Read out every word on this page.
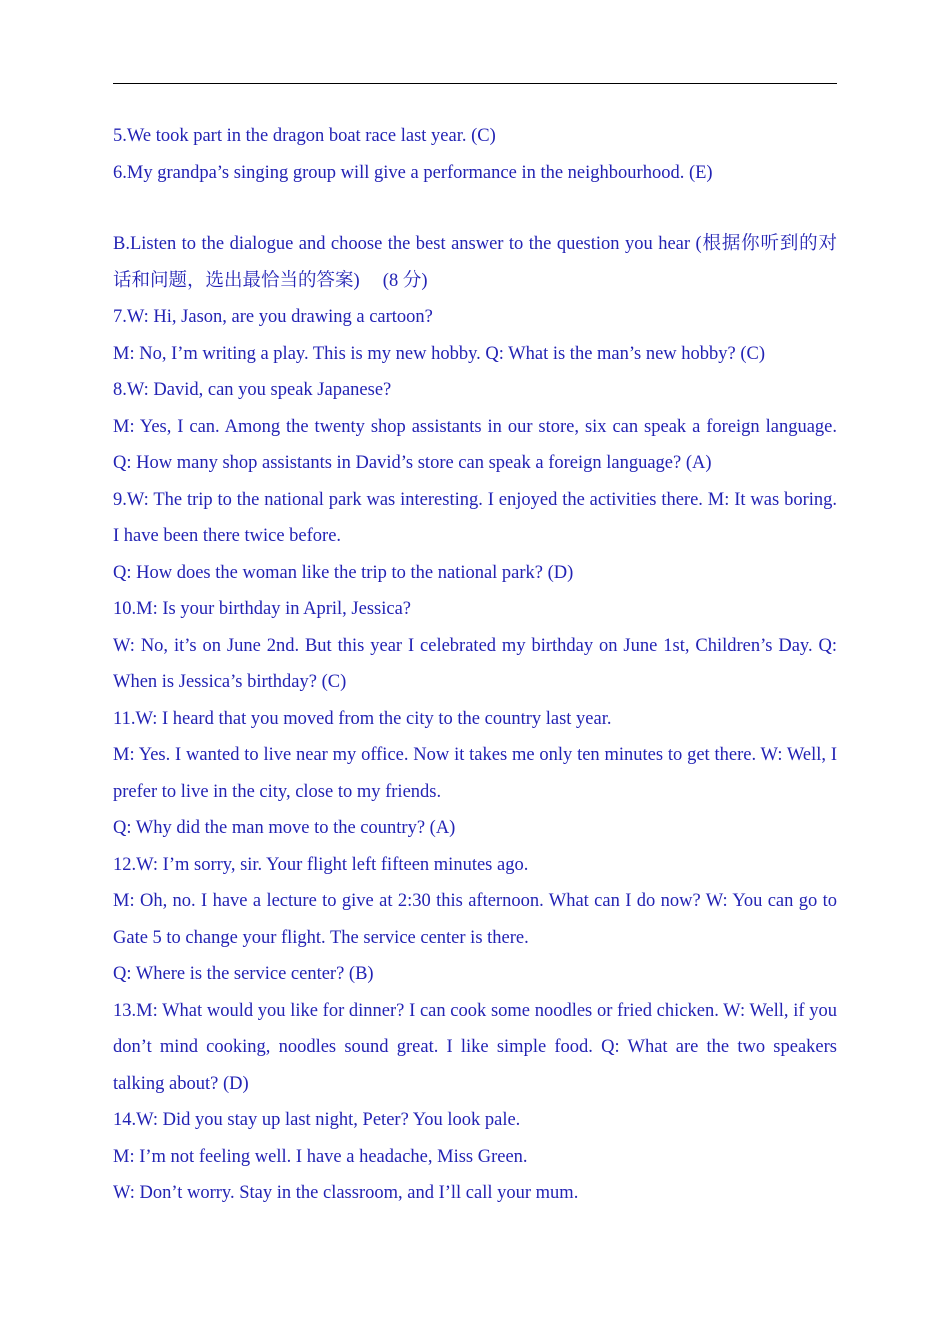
5.We took part in the dragon boat race last year. (C)

6.My grandpa’s singing group will give a performance in the neighbourhood. (E)

B.Listen to the dialogue and choose the best answer to the question you hear (根据你听到的对话和问题，选出最恰当的答案)　 (8 分)

7.W: Hi, Jason, are you drawing a cartoon?

M: No, I’m writing a play. This is my new hobby. Q: What is the man’s new hobby? (C)

8.W: David, can you speak Japanese?

M: Yes, I can. Among the twenty shop assistants in our store, six can speak a foreign language. Q: How many shop assistants in David’s store can speak a foreign language? (A)

9.W: The trip to the national park was interesting. I enjoyed the activities there. M: It was boring. I have been there twice before.

Q: How does the woman like the trip to the national park? (D)

10.M: Is your birthday in April, Jessica?

W: No, it’s on June 2nd. But this year I celebrated my birthday on June 1st, Children’s Day. Q: When is Jessica’s birthday? (C)

11.W: I heard that you moved from the city to the country last year.

M: Yes. I wanted to live near my office. Now it takes me only ten minutes to get there. W: Well, I prefer to live in the city, close to my friends.

Q: Why did the man move to the country? (A)

12.W: I’m sorry, sir. Your flight left fifteen minutes ago.

M: Oh, no. I have a lecture to give at 2:30 this afternoon. What can I do now? W: You can go to Gate 5 to change your flight. The service center is there.

Q: Where is the service center? (B)

13.M: What would you like for dinner? I can cook some noodles or fried chicken. W: Well, if you don’t mind cooking, noodles sound great. I like simple food. Q: What are the two speakers talking about? (D)

14.W: Did you stay up last night, Peter? You look pale.

M: I’m not feeling well. I have a headache, Miss Green.

W: Don’t worry. Stay in the classroom, and I’ll call your mum.
